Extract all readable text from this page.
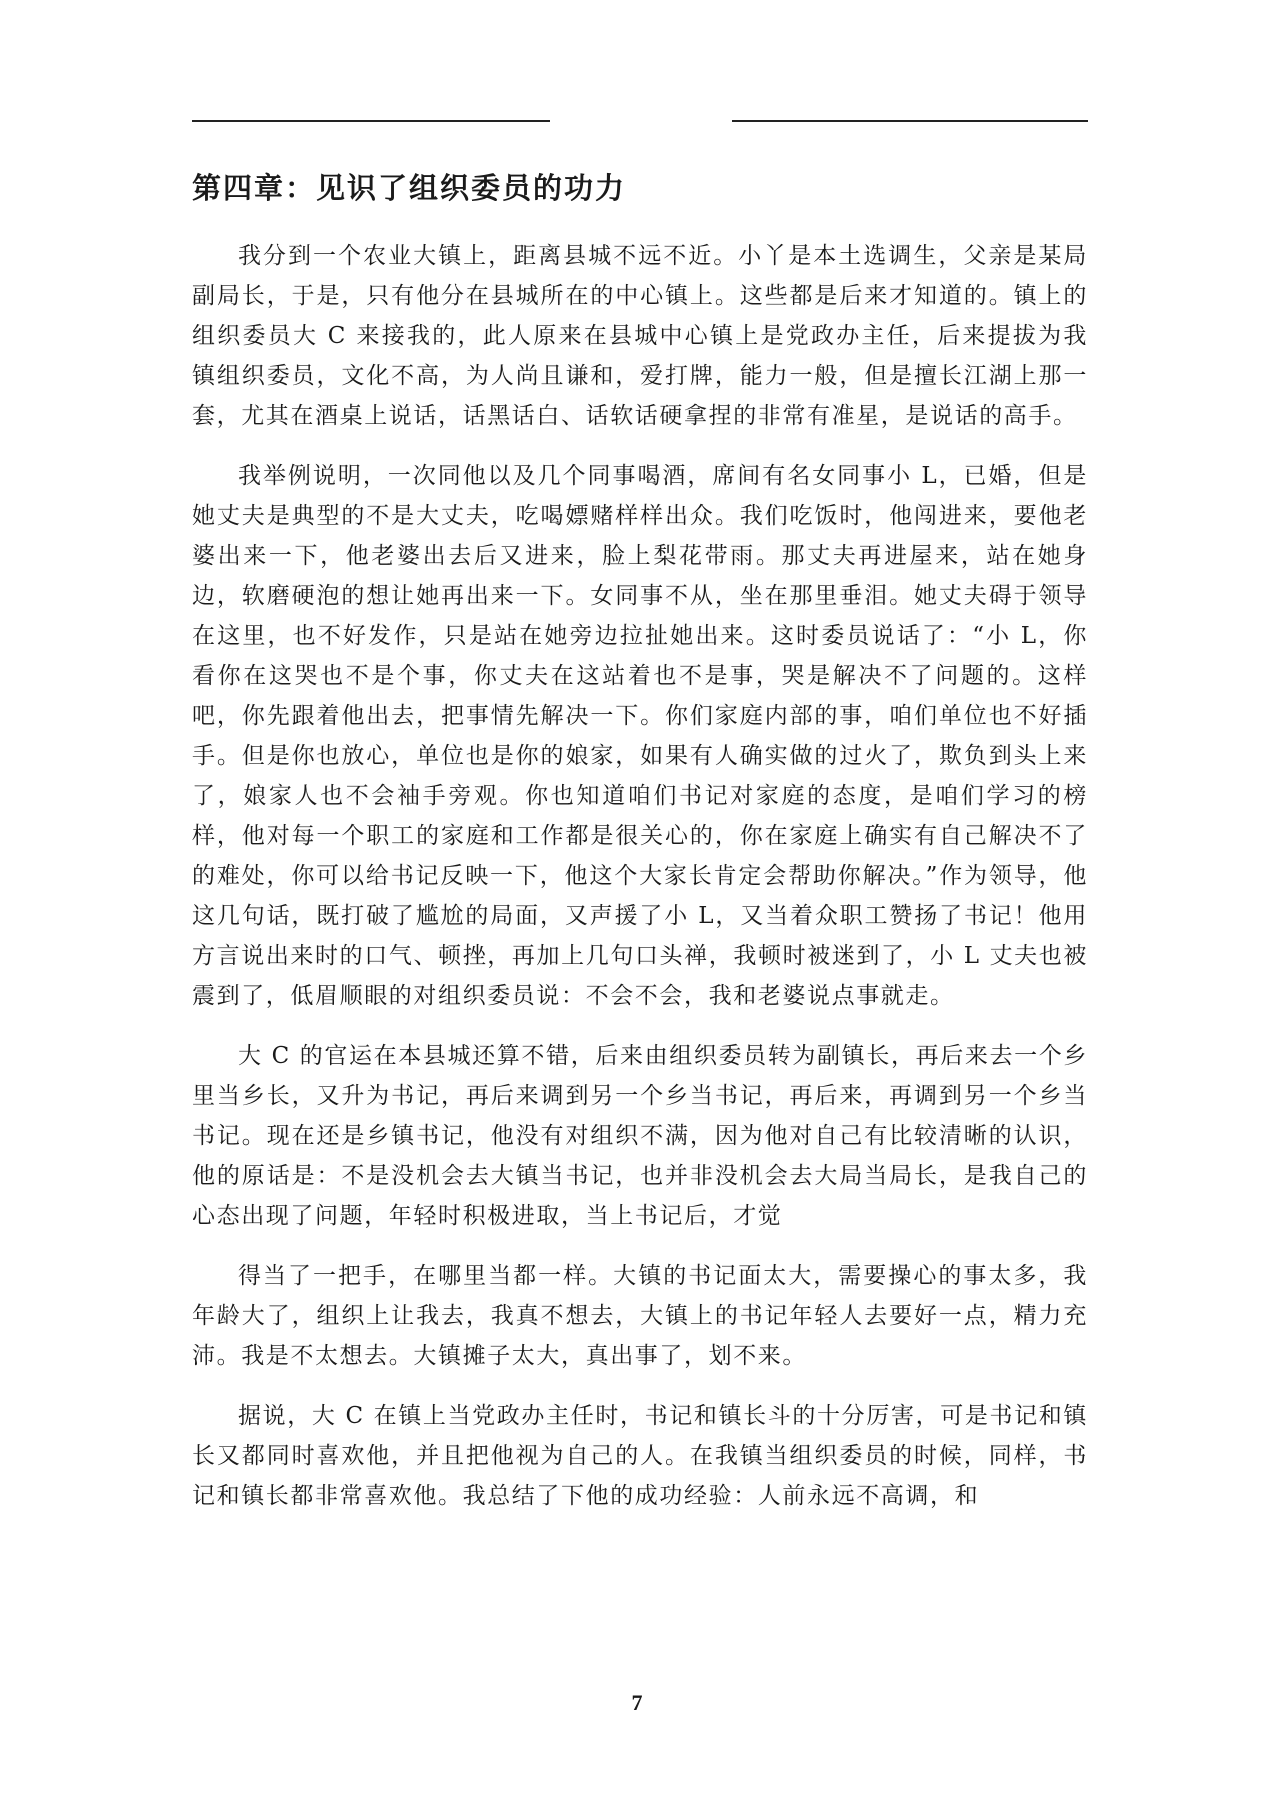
第四章：见识了组织委员的功力

我分到一个农业大镇上，距离县城不远不近。小丫是本土选调生，父亲是某局副局长，于是，只有他分在县城所在的中心镇上。这些都是后来才知道的。镇上的组织委员大 C 来接我的，此人原来在县城中心镇上是党政办主任，后来提拔为我镇组织委员，文化不高，为人尚且谦和，爱打牌，能力一般，但是擅长江湖上那一套，尤其在酒桌上说话，话黑话白、话软话硬拿捏的非常有准星，是说话的高手。

我举例说明，一次同他以及几个同事喝酒，席间有名女同事小 L，已婚，但是她丈夫是典型的不是大丈夫，吃喝嫖赌样样出众。我们吃饭时，他闯进来，要他老婆出来一下，他老婆出去后又进来，脸上梨花带雨。那丈夫再进屋来，站在她身边，软磨硬泡的想让她再出来一下。女同事不从，坐在那里垂泪。她丈夫碍于领导在这里，也不好发作，只是站在她旁边拉扯她出来。这时委员说话了：“小 L，你看你在这哭也不是个事，你丈夫在这站着也不是事，哭是解决不了问题的。这样吧，你先跟着他出去，把事情先解决一下。你们家庭内部的事，咱们单位也不好插手。但是你也放心，单位也是你的娘家，如果有人确实做的过火了，欺负到头上来了，娘家人也不会袖手旁观。你也知道咱们书记对家庭的态度，是咱们学习的榜样，他对每一个职工的家庭和工作都是很关心的，你在家庭上确实有自己解决不了的难处，你可以给书记反映一下，他这个大家长肯定会帮助你解决。”作为领导，他这几句话，既打破了尴尬的局面，又声援了小 L，又当着众职工赞扬了书记！他用方言说出来时的口气、顿挫，再加上几句口头禅，我顿时被迷到了，小 L 丈夫也被震到了，低眉顺眼的对组织委员说：不会不会，我和老婆说点事就走。

大 C 的官运在本县城还算不错，后来由组织委员转为副镇长，再后来去一个乡里当乡长，又升为书记，再后来调到另一个乡当书记，再后来，再调到另一个乡当书记。现在还是乡镇书记，他没有对组织不满，因为他对自己有比较清晰的认识，他的原话是：不是没机会去大镇当书记，也并非没机会去大局当局长，是我自己的心态出现了问题，年轻时积极进取，当上书记后，才觉

得当了一把手，在哪里当都一样。大镇的书记面太大，需要操心的事太多，我年龄大了，组织上让我去，我真不想去，大镇上的书记年轻人去要好一点，精力充沛。我是不太想去。大镇摊子太大，真出事了，划不来。

据说，大 C 在镇上当党政办主任时，书记和镇长斗的十分厉害，可是书记和镇长又都同时喜欢他，并且把他视为自己的人。在我镇当组织委员的时候，同样，书记和镇长都非常喜欢他。我总结了下他的成功经验：人前永远不高调，和

7
